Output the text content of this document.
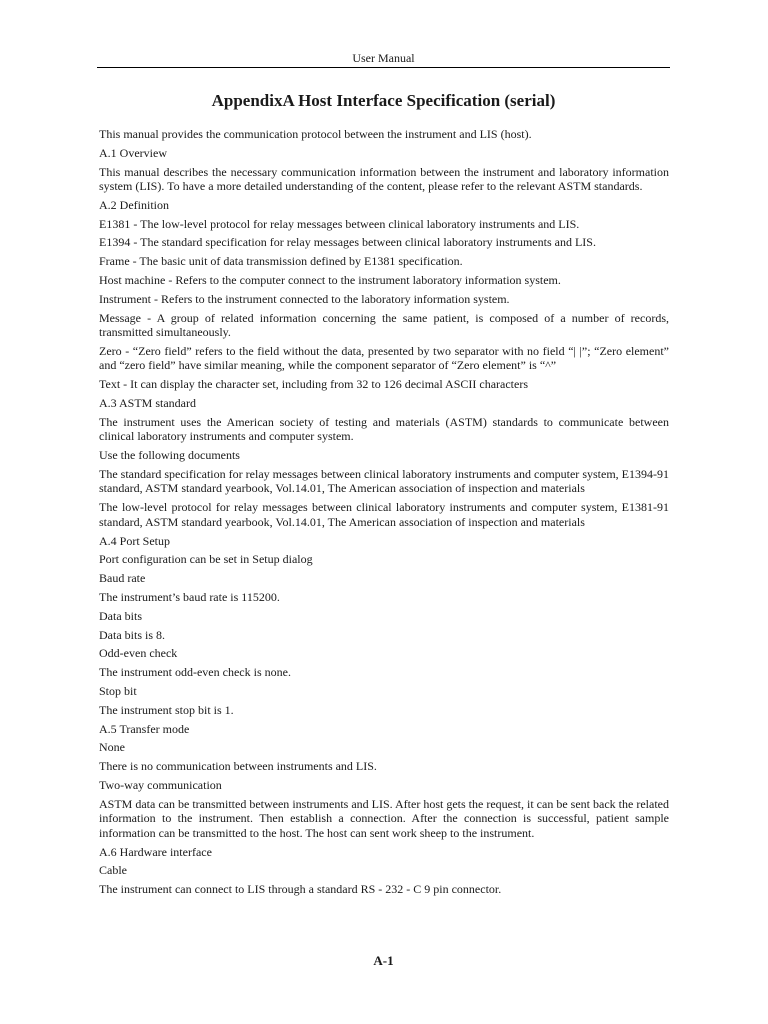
User Manual
AppendixA Host Interface Specification (serial)

This manual provides the communication protocol between the instrument and LIS (host).

A.1 Overview

This manual describes the necessary communication information between the instrument and laboratory information system (LIS). To have a more detailed understanding of the content, please refer to the relevant ASTM standards.

A.2 Definition

E1381 - The low-level protocol for relay messages between clinical laboratory instruments and LIS.

E1394 - The standard specification for relay messages between clinical laboratory instruments and LIS.

Frame - The basic unit of data transmission defined by E1381 specification.

Host machine - Refers to the computer connect to the instrument laboratory information system.

Instrument - Refers to the instrument connected to the laboratory information system.

Message - A group of related information concerning the same patient, is composed of a number of records, transmitted simultaneously.

Zero - “Zero field” refers to the field without the data, presented by two separator with no field “| |”; “Zero element” and “zero field” have similar meaning, while the component separator of “Zero element” is “^”

Text - It can display the character set, including from 32 to 126 decimal ASCII characters

A.3 ASTM standard

The instrument uses the American society of testing and materials (ASTM) standards to communicate between clinical laboratory instruments and computer system.

Use the following documents

The standard specification for relay messages between clinical laboratory instruments and computer system, E1394-91 standard, ASTM standard yearbook, Vol.14.01, The American association of inspection and materials

The low-level protocol for relay messages between clinical laboratory instruments and computer system, E1381-91 standard, ASTM standard yearbook, Vol.14.01, The American association of inspection and materials

A.4 Port Setup

Port configuration can be set in Setup dialog

Baud rate

The instrument’s baud rate is 115200.

Data bits

Data bits is 8.

Odd-even check

The instrument odd-even check is none.

Stop bit

The instrument stop bit is 1.

A.5 Transfer mode

None

There is no communication between instruments and LIS.

Two-way communication

ASTM data can be transmitted between instruments and LIS. After host gets the request, it can be sent back the related information to the instrument. Then establish a connection. After the connection is successful, patient sample information can be transmitted to the host. The host can sent work sheep to the instrument.

A.6 Hardware interface

Cable

The instrument can connect to LIS through a standard RS - 232 - C 9 pin connector.

A-1
